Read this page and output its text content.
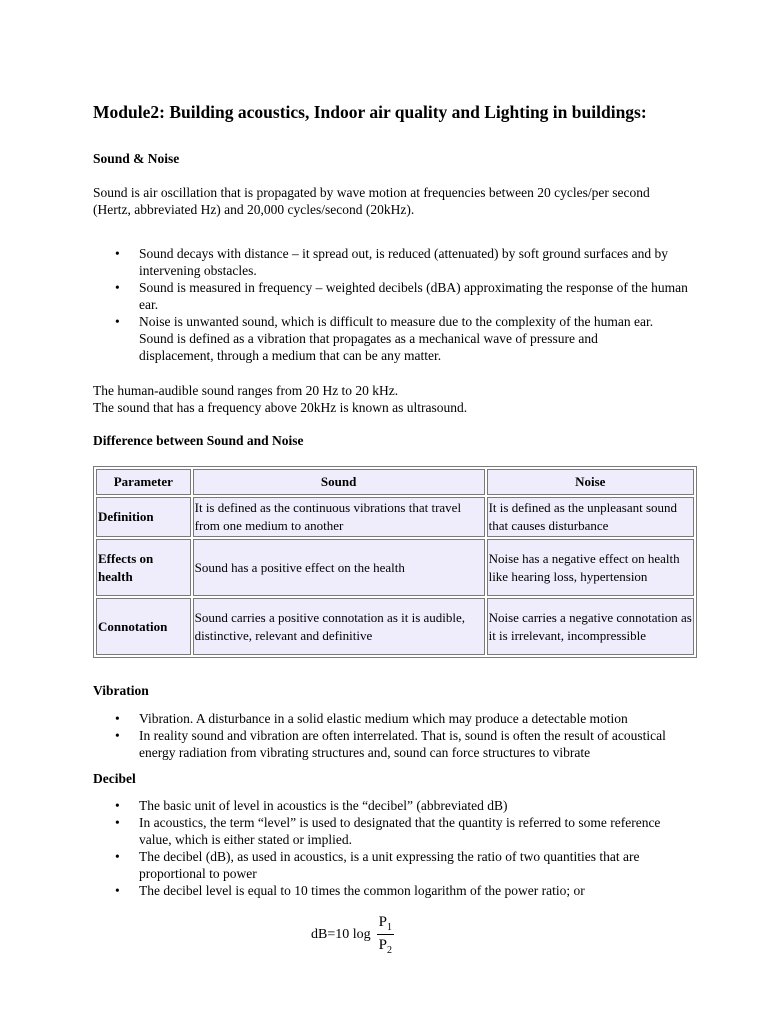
Module2: Building acoustics, Indoor air quality and Lighting in buildings:
Sound & Noise

Sound is air oscillation that is propagated by wave motion at frequencies between 20 cycles/per second (Hertz, abbreviated Hz) and 20,000 cycles/second (20kHz).

• Sound decays with distance – it spread out, is reduced (attenuated) by soft ground surfaces and by intervening obstacles.
• Sound is measured in frequency – weighted decibels (dBA) approximating the response of the human ear.
• Noise is unwanted sound, which is difficult to measure due to the complexity of the human ear. Sound is defined as a vibration that propagates as a mechanical wave of pressure and displacement, through a medium that can be any matter.

The human-audible sound ranges from 20 Hz to 20 kHz.

The sound that has a frequency above 20kHz is known as ultrasound.

Difference between Sound and Noise
Parameter	Sound	Noise
Definition	It is defined as the continuous vibrations that travel from one medium to another	It is defined as the unpleasant sound that causes disturbance
Effects on health	Sound has a positive effect on the health	Noise has a negative effect on health like hearing loss, hypertension
Connotation	Sound carries a positive connotation as it is audible, distinctive, relevant and definitive	Noise carries a negative connotation as it is irrelevant, incompressible
Vibration
• Vibration. A disturbance in a solid elastic medium which may produce a detectable motion
• In reality sound and vibration are often interrelated. That is, sound is often the result of acoustical energy radiation from vibrating structures and, sound can force structures to vibrate
Decibel
• The basic unit of level in acoustics is the “decibel” (abbreviated dB)
• In acoustics, the term “level” is used to designated that the quantity is referred to some reference value, which is either stated or implied.
• The decibel (dB), as used in acoustics, is a unit expressing the ratio of two quantities that are proportional to power
• The decibel level is equal to 10 times the common logarithm of the power ratio; or
dB=10 $\log \frac{P_1}{P_2}$
